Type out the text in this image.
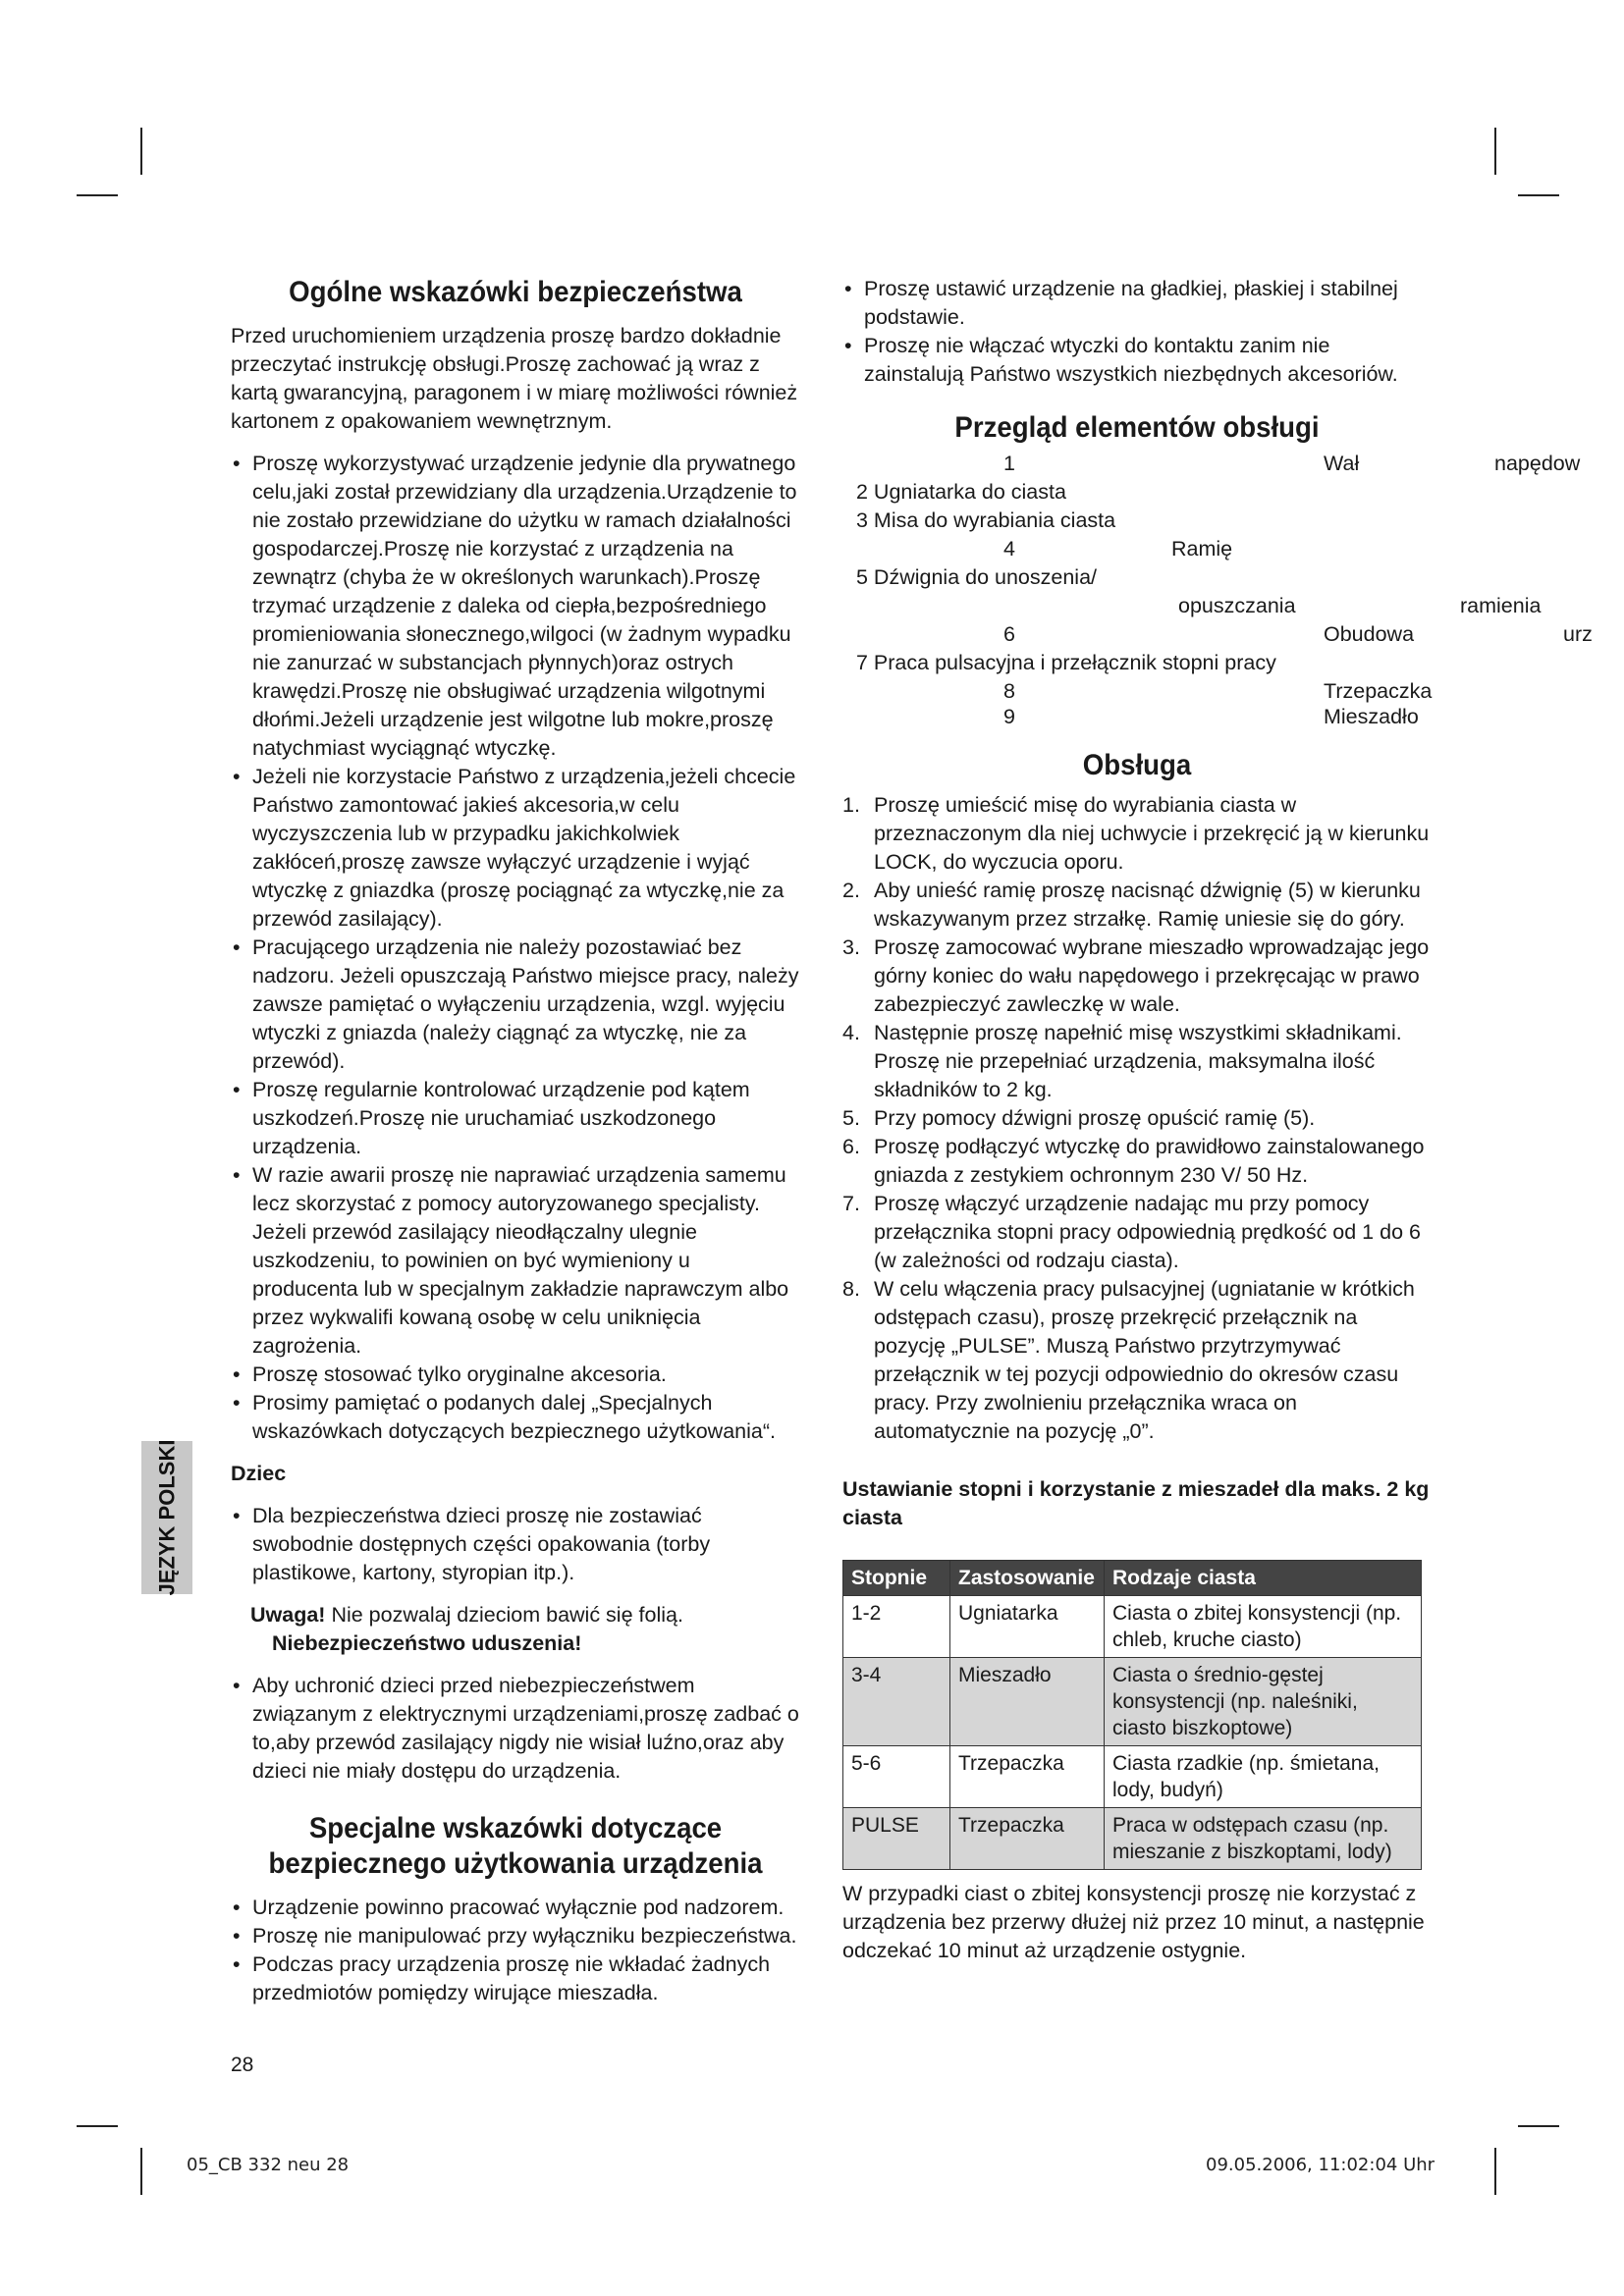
JĘZYK POLSKI
Ogólne wskazówki bezpieczeństwa

Przed uruchomieniem urządzenia proszę bardzo dokładnie przeczytać instrukcję obsługi.Proszę zachować ją wraz z kartą gwarancyjną, paragonem i w miarę możliwości również kartonem z opakowaniem wewnętrznym.

• Proszę wykorzystywać urządzenie jedynie dla prywatnego celu,jaki został przewidziany dla urządzenia.Urządzenie to nie zostało przewidziane do użytku w ramach działalności gospodarczej.Proszę nie korzystać z urządzenia na zewnątrz (chyba że w określonych warunkach).Proszę trzymać urządzenie z daleka od ciepła,bezpośredniego promieniowania słonecznego,wilgoci (w żadnym wypadku nie zanurzać w substancjach płynnych)oraz ostrych krawędzi.Proszę nie obsługiwać urządzenia wilgotnymi dłońmi.Jeżeli urządzenie jest wilgotne lub mokre,proszę natychmiast wyciągnąć wtyczkę.
• Jeżeli nie korzystacie Państwo z urządzenia,jeżeli chcecie Państwo zamontować jakieś akcesoria,w celu wyczyszczenia lub w przypadku jakichkolwiek zakłóceń,proszę zawsze wyłączyć urządzenie i wyjąć wtyczkę z gniazdka (proszę pociągnąć za wtyczkę,nie za przewód zasilający).
• Pracującego urządzenia nie należy pozostawiać bez nadzoru. Jeżeli opuszczają Państwo miejsce pracy, należy zawsze pamiętać o wyłączeniu urządzenia, wzgl. wyjęciu wtyczki z gniazda (należy ciągnąć za wtyczkę, nie za przewód).
• Proszę regularnie kontrolować urządzenie pod kątem uszkodzeń.Proszę nie uruchamiać uszkodzonego urządzenia.
• W razie awarii proszę nie naprawiać urządzenia samemu lecz skorzystać z pomocy autoryzowanego specjalisty. Jeżeli przewód zasilający nieodłączalny ulegnie uszkodzeniu, to powinien on być wymieniony u producenta lub w specjalnym zakładzie naprawczym albo przez wykwalifi kowaną osobę w celu uniknięcia zagrożenia.
• Proszę stosować tylko oryginalne akcesoria.
• Prosimy pamiętać o podanych dalej „Specjalnych wskazówkach dotyczących bezpiecznego użytkowania“.

Dziec

• Dla bezpieczeństwa dzieci proszę nie zostawiać swobodnie dostępnych części opakowania (torby plastikowe, kartony, styropian itp.).
Uwaga! Nie pozwalaj dzieciom bawić się folią.
Niebezpieczeństwo uduszenia!
• Aby uchronić dzieci przed niebezpieczeństwem związanym z elektrycznymi urządzeniami,proszę zadbać o to,aby przewód zasilający nigdy nie wisiał luźno,oraz aby dzieci nie miały dostępu do urządzenia.
Specjalne wskazówki dotyczące bezpiecznego użytkowania urządzenia
• Urządzenie powinno pracować wyłącznie pod nadzorem.
• Proszę nie manipulować przy wyłączniku bezpieczeństwa.
• Podczas pracy urządzenia proszę nie wkładać żadnych przedmiotów pomiędzy wirujące mieszadła.
• Proszę ustawić urządzenie na gładkiej, płaskiej i stabilnej podstawie.
• Proszę nie włączać wtyczki do kontaktu zanim nie zainstalują Państwo wszystkich niezbędnych akcesoriów.
Przegląd elementów obsługi
1	Wał	napędow
2 Ugniatarka do ciasta
3 Misa do wyrabiania ciasta
4	Ramię
5 Dźwignia do unoszenia/
opuszczania	ramienia
6	Obudowa	urz
7 Praca pulsacyjna i przełącznik stopni pracy
8	Trzepaczka
9	Mieszadło
Obsługa
1. Proszę umieścić misę do wyrabiania ciasta w przeznaczonym dla niej uchwycie i przekręcić ją w kierunku LOCK, do wyczucia oporu.
2. Aby unieść ramię proszę nacisnąć dźwignię (5) w kierunku wskazywanym przez strzałkę. Ramię uniesie się do góry.
3. Proszę zamocować wybrane mieszadło wprowadzając jego górny koniec do wału napędowego i przekręcając w prawo zabezpieczyć zawleczkę w wale.
4. Następnie proszę napełnić misę wszystkimi składnikami. Proszę nie przepełniać urządzenia, maksymalna ilość składników to 2 kg.
5. Przy pomocy dźwigni proszę opuścić ramię (5).
6. Proszę podłączyć wtyczkę do prawidłowo zainstalowanego gniazda z zestykiem ochronnym 230 V/ 50 Hz.
7. Proszę włączyć urządzenie nadając mu przy pomocy przełącznika stopni pracy odpowiednią prędkość od 1 do 6 (w zależności od rodzaju ciasta).
8. W celu włączenia pracy pulsacyjnej (ugniatanie w krótkich odstępach czasu), proszę przekręcić przełącznik na pozycję „PULSE”. Muszą Państwo przytrzymywać przełącznik w tej pozycji odpowiednio do okresów czasu pracy. Przy zwolnieniu przełącznika wraca on automatycznie na pozycję „0”.

Ustawianie stopni i korzystanie z mieszadeł dla maks. 2 kg ciasta

Stopnie	Zastosowanie	Rodzaje ciasta
1-2	Ugniatarka	Ciasta o zbitej konsystencji (np. chleb, kruche ciasto)
3-4	Mieszadło	Ciasta o średnio-gęstej konsystencji (np. naleśniki, ciasto biszkoptowe)
5-6	Trzepaczka	Ciasta rzadkie (np. śmietana, lody, budyń)
PULSE	Trzepaczka	Praca w odstępach czasu (np. mieszanie z biszkoptami, lody)

W przypadki ciast o zbitej konsystencji proszę nie korzystać z urządzenia bez przerwy dłużej niż przez 10 minut, a następnie odczekać 10 minut aż urządzenie ostygnie.

28
05_CB 332 neu 28	09.05.2006, 11:02:04 Uhr
